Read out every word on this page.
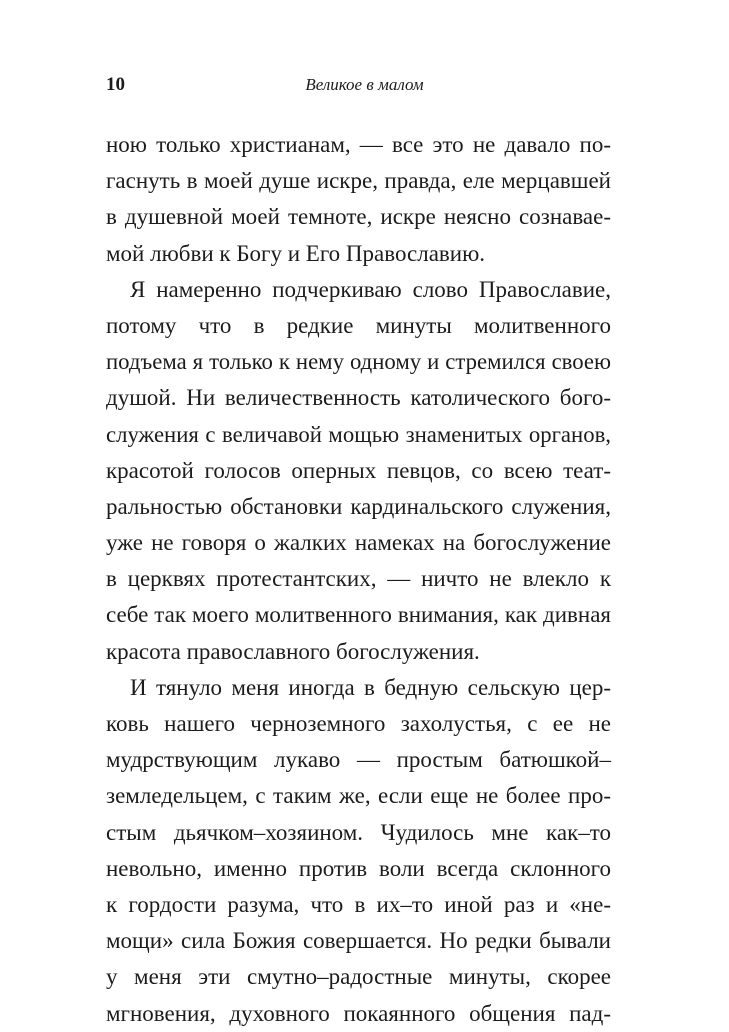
10	Великое в малом
ною только христианам, — все это не давало по-
гаснуть в моей душе искре, правда, еле мерцавшей
в душевной моей темноте, искре неясно сознавае-
мой любви к Богу и Его Православию.
Я намеренно подчеркиваю слово Православие,
потому что в редкие минуты молитвенного
подъема я только к нему одному и стремился своею
душой. Ни величественность католического бого-
служения с величавой мощью знаменитых органов,
красотой голосов оперных певцов, со всею теат-
ральностью обстановки кардинальского служения,
уже не говоря о жалких намеках на богослужение
в церквях протестантских, — ничто не влекло к
себе так моего молитвенного внимания, как дивная
красота православного богослужения.
И тянуло меня иногда в бедную сельскую цер-
ковь нашего черноземного захолустья, с ее не
мудрствующим лукаво — простым батюшкой–
земледельцем, с таким же, если еще не более про-
стым дьячком–хозяином. Чудилось мне как–то
невольно, именно против воли всегда склонного
к гордости разума, что в их–то иной раз и «не-
мощи» сила Божия совершается. Но редки бывали
у меня эти смутно–радостные минуты, скорее
мгновения, духовного покаянного общения пад-
